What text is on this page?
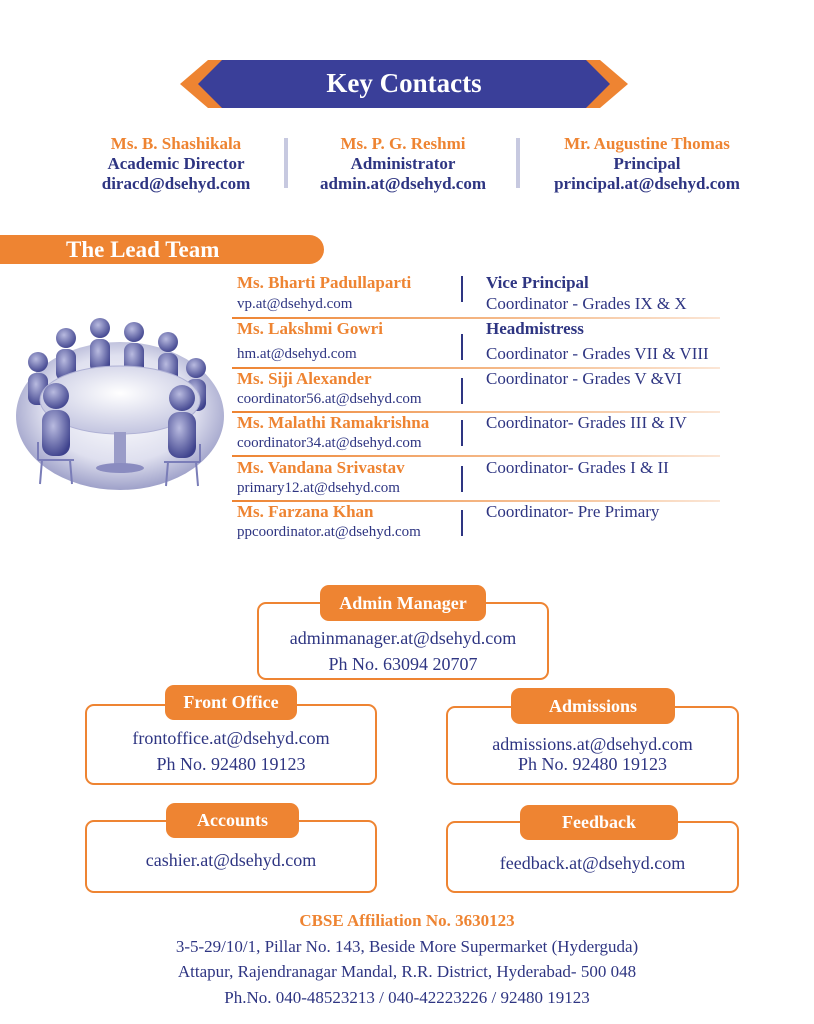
Key Contacts
Ms. B. Shashikala
Academic Director
diracd@dsehyd.com
Ms. P. G. Reshmi
Administrator
admin.at@dsehyd.com
Mr. Augustine Thomas
Principal
principal.at@dsehyd.com
The Lead Team
Ms. Bharti Padullaparti
vp.at@dsehyd.com
Vice Principal
Coordinator - Grades IX & X
Ms. Lakshmi Gowri
hm.at@dsehyd.com
Headmistress
Coordinator - Grades VII & VIII
Ms. Siji Alexander
coordinator56.at@dsehyd.com
Coordinator - Grades V &VI
Ms. Malathi Ramakrishna
coordinator34.at@dsehyd.com
Coordinator- Grades III & IV
Ms. Vandana Srivastav
primary12.at@dsehyd.com
Coordinator- Grades I & II
Ms. Farzana Khan
ppcoordinator.at@dsehyd.com
Coordinator- Pre Primary
adminmanager.at@dsehyd.com
Ph No. 63094 20707
Admin Manager
frontoffice.at@dsehyd.com
Ph No. 92480 19123
Front Office
admissions.at@dsehyd.com
Ph No. 92480 19123
Admissions
cashier.at@dsehyd.com
Accounts
feedback.at@dsehyd.com
Feedback
CBSE Affiliation No. 3630123
3-5-29/10/1, Pillar No. 143, Beside More Supermarket (Hyderguda)
Attapur, Rajendranagar Mandal, R.R. District, Hyderabad- 500 048
Ph.No. 040-48523213 / 040-42223226 / 92480 19123
